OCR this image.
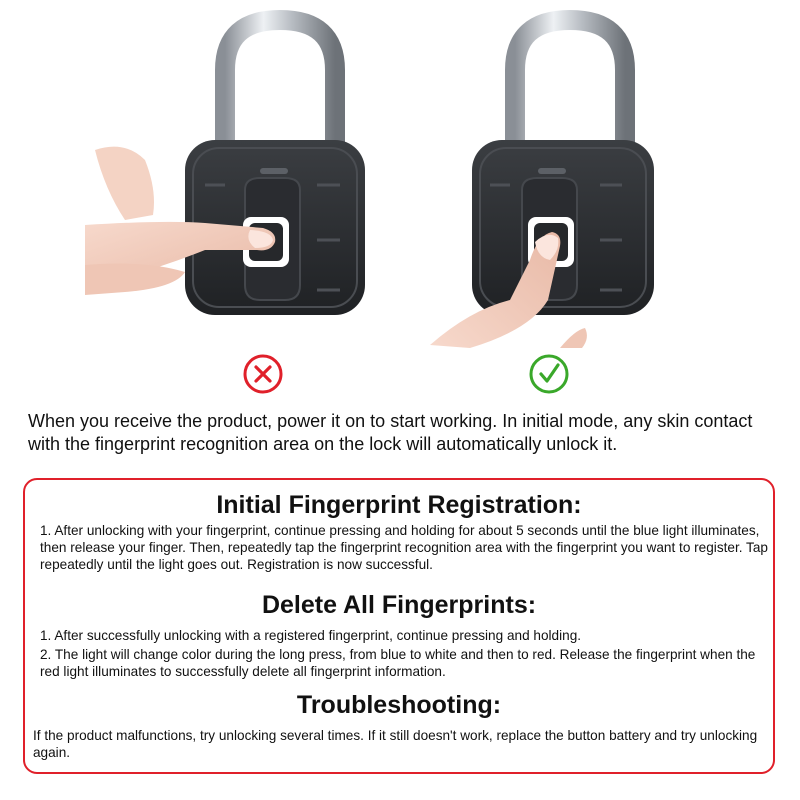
When you receive the product, power it on to start working. In initial mode, any skin contact with the fingerprint recognition area on the lock will automatically unlock it.
Initial Fingerprint Registration:
1. After unlocking with your fingerprint, continue pressing and holding for about 5 seconds until the blue light illuminates, then release your finger. Then, repeatedly tap the fingerprint recognition area with the fingerprint you want to register. Tap repeatedly until the light goes out. Registration is now successful.
Delete All Fingerprints:
1. After successfully unlocking with a registered fingerprint, continue pressing and holding.
2. The light will change color during the long press, from blue to white and then to red. Release the fingerprint when the red light illuminates to successfully delete all fingerprint information.
Troubleshooting:
If the product malfunctions, try unlocking several times. If it still doesn't work, replace the button battery and try unlocking again.
